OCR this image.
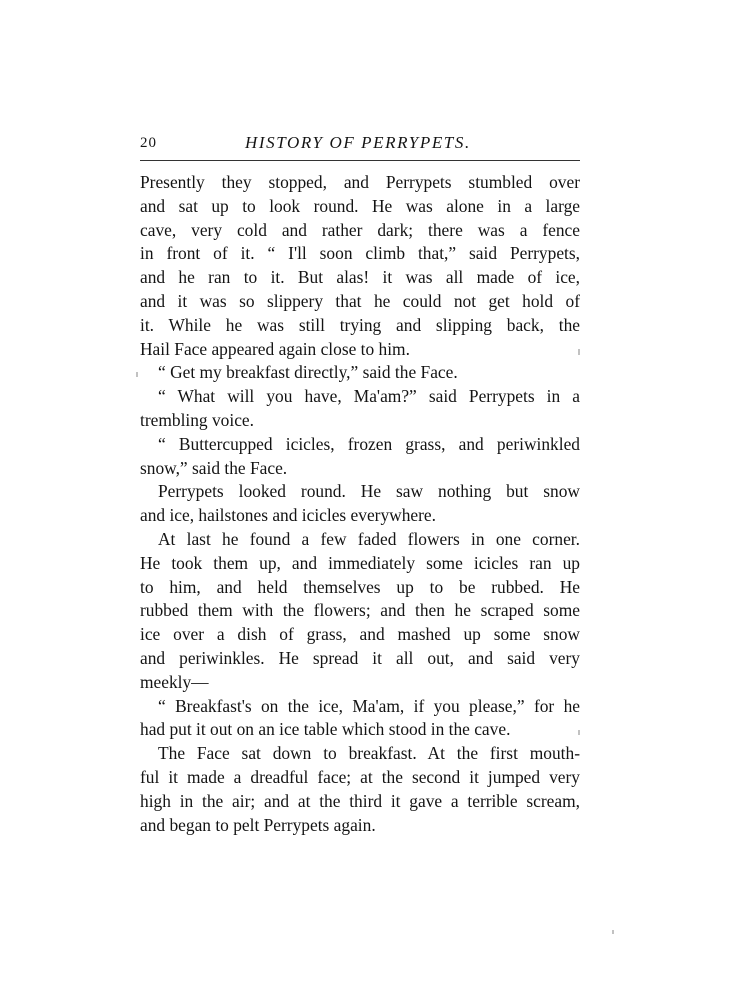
20	HISTORY OF PERRYPETS.
Presently they stopped, and Perrypets stumbled over
and sat up to look round. He was alone in a large
cave, very cold and rather dark; there was a fence
in front of it. “ I'll soon climb that,” said Perrypets,
and he ran to it. But alas! it was all made of ice,
and it was so slippery that he could not get hold of
it. While he was still trying and slipping back, the
Hail Face appeared again close to him.
“ Get my breakfast directly,” said the Face.
“ What will you have, Ma'am?” said Perrypets in a
trembling voice.
“ Buttercupped icicles, frozen grass, and periwinkled
snow,” said the Face.
Perrypets looked round. He saw nothing but snow
and ice, hailstones and icicles everywhere.
At last he found a few faded flowers in one corner.
He took them up, and immediately some icicles ran up
to him, and held themselves up to be rubbed. He
rubbed them with the flowers; and then he scraped some
ice over a dish of grass, and mashed up some snow
and periwinkles. He spread it all out, and said very
meekly—
“ Breakfast's on the ice, Ma'am, if you please,” for he
had put it out on an ice table which stood in the cave.
The Face sat down to breakfast. At the first mouth-
ful it made a dreadful face; at the second it jumped very
high in the air; and at the third it gave a terrible scream,
and began to pelt Perrypets again.
